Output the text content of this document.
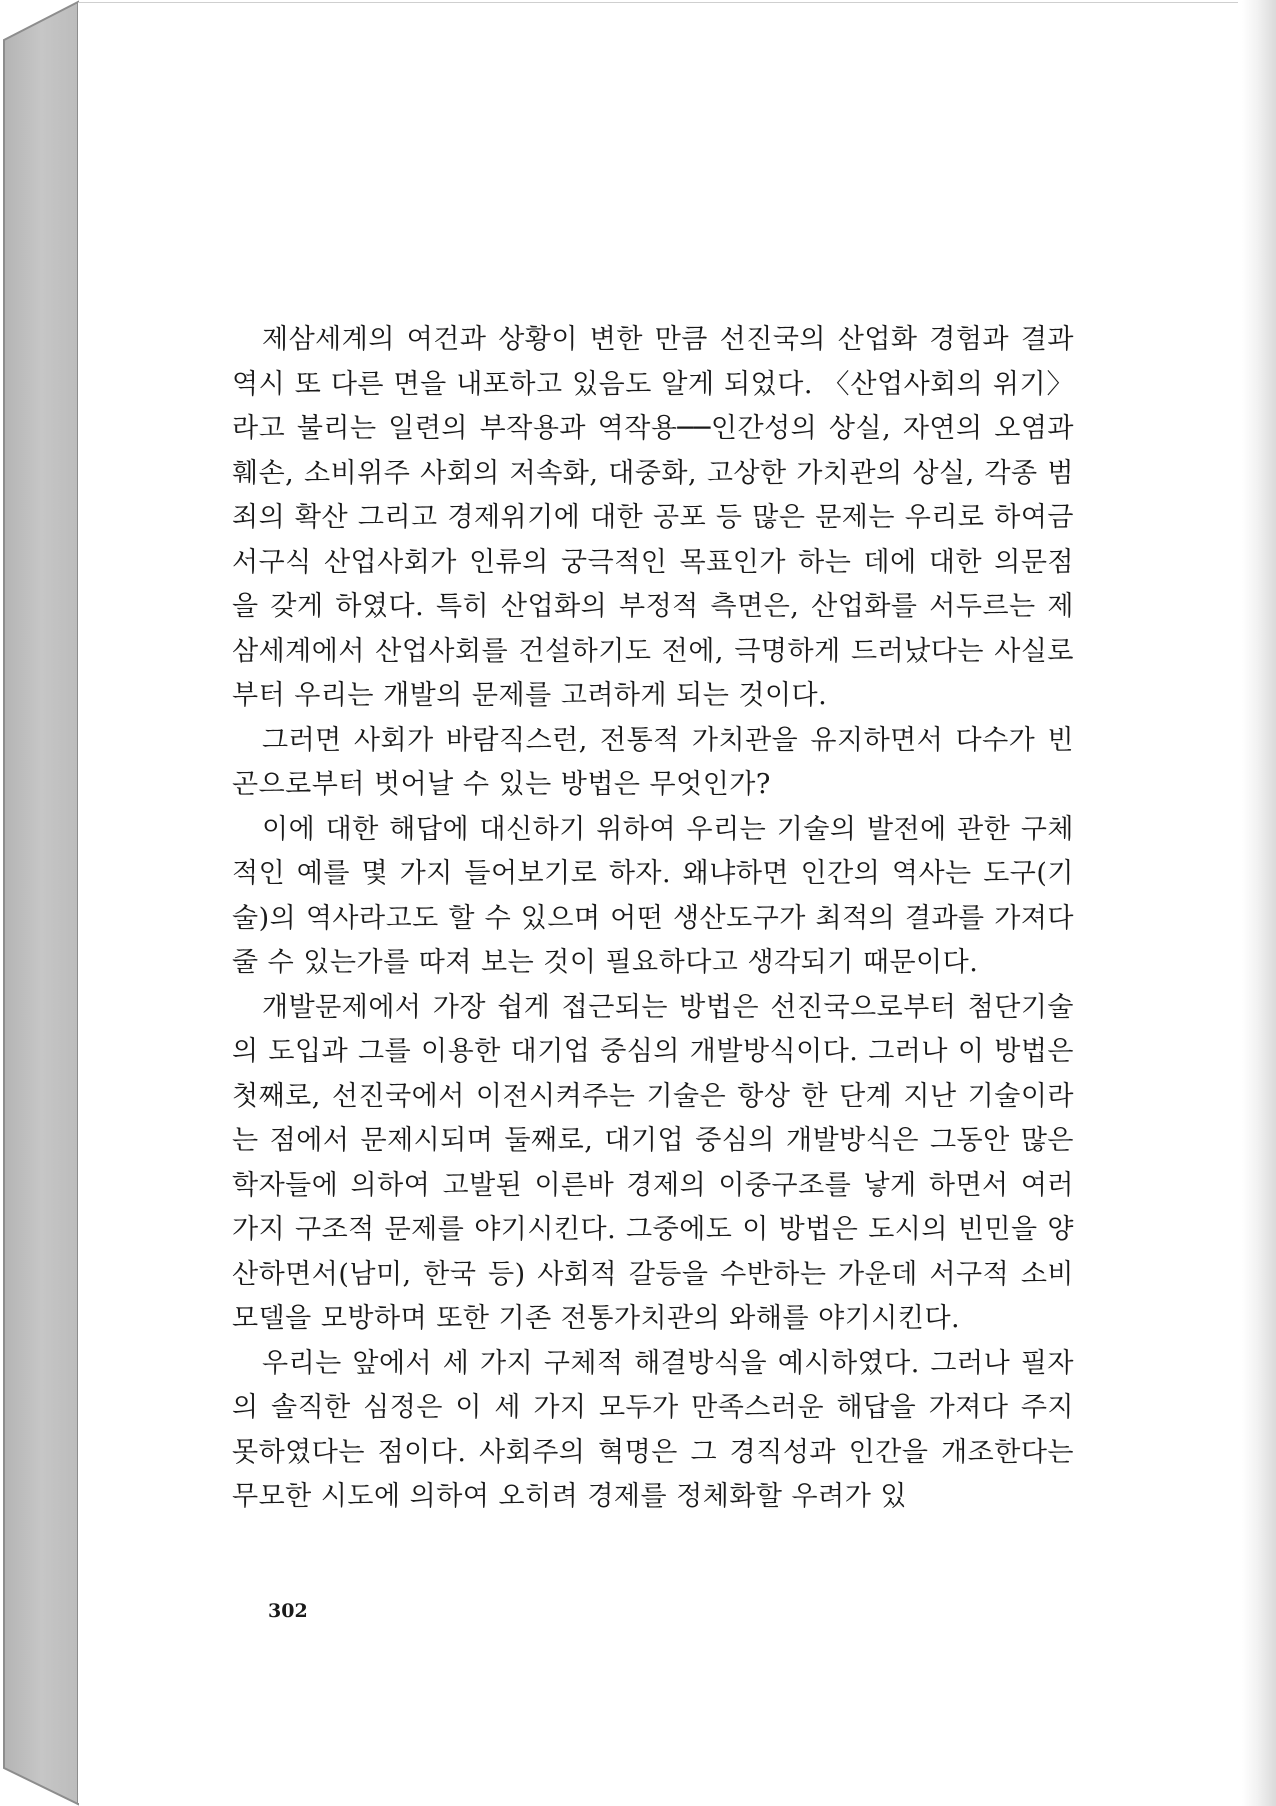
제삼세계의 여건과 상황이 변한 만큼 선진국의 산업화 경험과 결과 역시 또 다른 면을 내포하고 있음도 알게 되었다. 〈산업사회의 위기〉라고 불리는 일련의 부작용과 역작용──인간성의 상실, 자연의 오염과 훼손, 소비위주 사회의 저속화, 대중화, 고상한 가치관의 상실, 각종 범죄의 확산 그리고 경제위기에 대한 공포 등 많은 문제는 우리로 하여금 서구식 산업사회가 인류의 궁극적인 목표인가 하는 데에 대한 의문점을 갖게 하였다. 특히 산업화의 부정적 측면은, 산업화를 서두르는 제삼세계에서 산업사회를 건설하기도 전에, 극명하게 드러났다는 사실로부터 우리는 개발의 문제를 고려하게 되는 것이다.

그러면 사회가 바람직스런, 전통적 가치관을 유지하면서 다수가 빈곤으로부터 벗어날 수 있는 방법은 무엇인가?

이에 대한 해답에 대신하기 위하여 우리는 기술의 발전에 관한 구체적인 예를 몇 가지 들어보기로 하자. 왜냐하면 인간의 역사는 도구(기술)의 역사라고도 할 수 있으며 어떤 생산도구가 최적의 결과를 가져다 줄 수 있는가를 따져 보는 것이 필요하다고 생각되기 때문이다.

개발문제에서 가장 쉽게 접근되는 방법은 선진국으로부터 첨단기술의 도입과 그를 이용한 대기업 중심의 개발방식이다. 그러나 이 방법은 첫째로, 선진국에서 이전시켜주는 기술은 항상 한 단계 지난 기술이라는 점에서 문제시되며 둘째로, 대기업 중심의 개발방식은 그동안 많은 학자들에 의하여 고발된 이른바 경제의 이중구조를 낳게 하면서 여러가지 구조적 문제를 야기시킨다. 그중에도 이 방법은 도시의 빈민을 양산하면서(남미, 한국 등) 사회적 갈등을 수반하는 가운데 서구적 소비모델을 모방하며 또한 기존 전통가치관의 와해를 야기시킨다.

우리는 앞에서 세 가지 구체적 해결방식을 예시하였다. 그러나 필자의 솔직한 심정은 이 세 가지 모두가 만족스러운 해답을 가져다 주지 못하였다는 점이다. 사회주의 혁명은 그 경직성과 인간을 개조한다는 무모한 시도에 의하여 오히려 경제를 정체화할 우려가 있

302
